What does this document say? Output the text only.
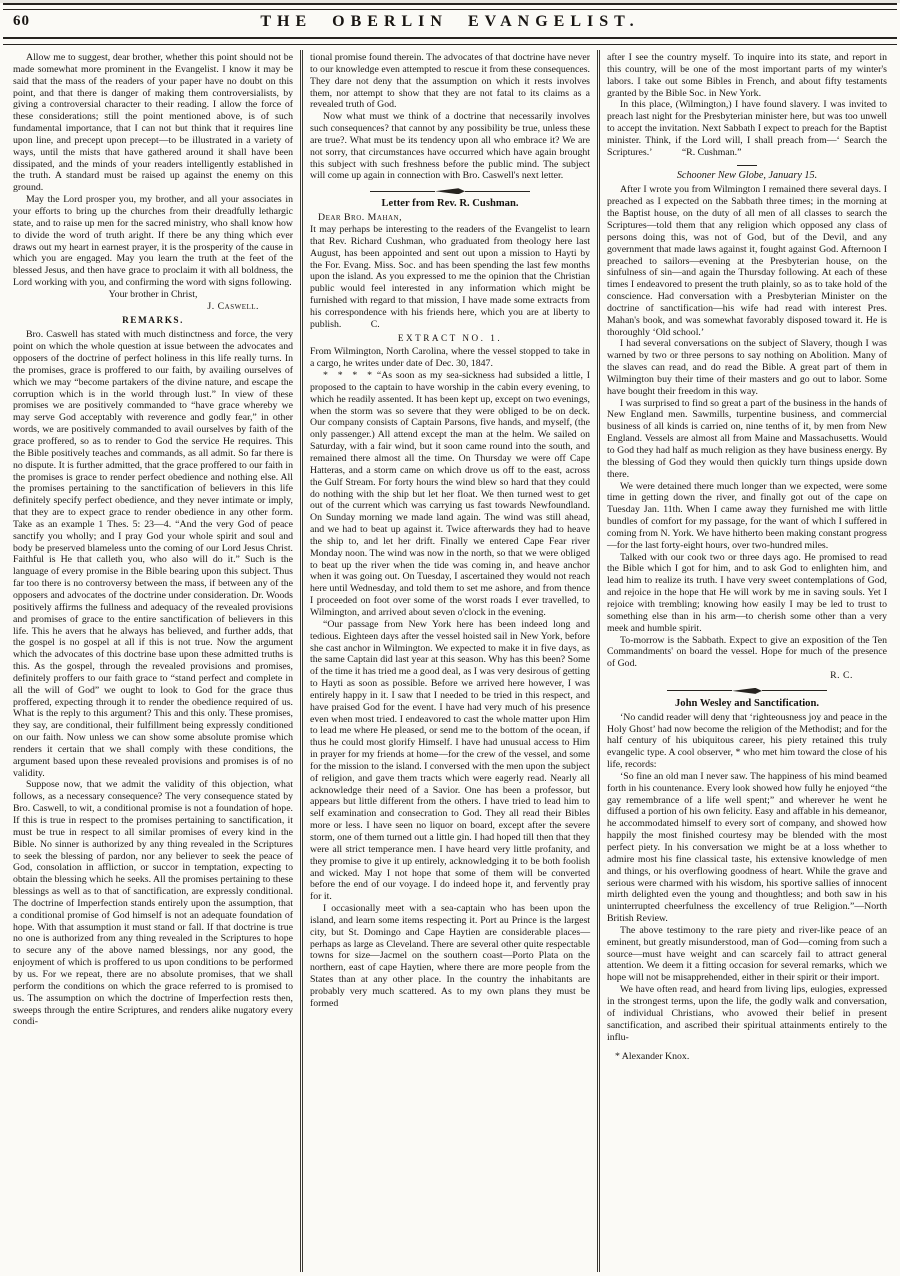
60	THE OBERLIN EVANGELIST.

Allow me to suggest, dear brother, whether this point should not be made somewhat more prominent in the Evangelist. I know it may be said that the mass of the readers of your paper have no doubt on this point, and that there is danger of making them controversialists, by giving a controversial character to their reading. I allow the force of these considerations; still the point mentioned above, is of such fundamental importance, that I can not but think that it requires line upon line, and precept upon precept—to be illustrated in a variety of ways, until the mists that have gathered around it shall have been dissipated, and the minds of your readers intelligently established in the truth. A standard must be raised up against the enemy on this ground.

May the Lord prosper you, my brother, and all your associates in your efforts to bring up the churches from their dreadfully lethargic state, and to raise up men for the sacred ministry, who shall know how to divide the word of truth aright. If there be any thing which ever draws out my heart in earnest prayer, it is the prosperity of the cause in which you are engaged. May you learn the truth at the feet of the blessed Jesus, and then have grace to proclaim it with all boldness, the Lord working with you, and confirming the word with signs following.

Your brother in Christ,

J. Caswell.

REMARKS.

Bro. Caswell has stated with much distinctness and force, the very point on which the whole question at issue between the advocates and opposers of the doctrine of perfect holiness in this life really turns. In the promises, grace is proffered to our faith, by availing ourselves of which we may “become partakers of the divine nature, and escape the corruption which is in the world through lust.” In view of these promises we are positively commanded to “have grace whereby we may serve God acceptably with reverence and godly fear,” in other words, we are positively commanded to avail ourselves by faith of the grace proffered, so as to render to God the service He requires. This the Bible positively teaches and commands, as all admit. So far there is no dispute. It is further admitted, that the grace proffered to our faith in the promises is grace to render perfect obedience and nothing else. All the promises pertaining to the sanctification of believers in this life definitely specify perfect obedience, and they never intimate or imply, that they are to expect grace to render obedience in any other form. Take as an example 1 Thes. 5: 23—4. “And the very God of peace sanctify you wholly; and I pray God your whole spirit and soul and body be preserved blameless unto the coming of our Lord Jesus Christ. Faithful is He that calleth you, who also will do it.” Such is the language of every promise in the Bible bearing upon this subject. Thus far too there is no controversy between the mass, if between any of the opposers and advocates of the doctrine under consideration. Dr. Woods positively affirms the fullness and adequacy of the revealed provisions and promises of grace to the entire sanctification of believers in this life. This he avers that he always has believed, and further adds, that the gospel is no gospel at all if this is not true. Now the argument which the advocates of this doctrine base upon these admitted truths is this. As the gospel, through the revealed provisions and promises, definitely proffers to our faith grace to “stand perfect and complete in all the will of God” we ought to look to God for the grace thus proffered, expecting through it to render the obedience required of us. What is the reply to this argument? This and this only. These promises, they say, are conditional, their fulfillment being expressly conditioned on our faith. Now unless we can show some absolute promise which renders it certain that we shall comply with these conditions, the argument based upon these revealed provisions and promises is of no validity.

Suppose now, that we admit the validity of this objection, what follows, as a necessary consequence? The very consequence stated by Bro. Caswell, to wit, a conditional promise is not a foundation of hope. If this is true in respect to the promises pertaining to sanctification, it must be true in respect to all similar promises of every kind in the Bible. No sinner is authorized by any thing revealed in the Scriptures to seek the blessing of pardon, nor any believer to seek the peace of God, consolation in affliction, or succor in temptation, expecting to obtain the blessing which he seeks. All the promises pertaining to these blessings as well as to that of sanctification, are expressly conditional. The doctrine of Imperfection stands entirely upon the assumption, that a conditional promise of God himself is not an adequate foundation of hope. With that assumption it must stand or fall. If that doctrine is true no one is authorized from any thing revealed in the Scriptures to hope to secure any of the above named blessings, nor any good, the enjoyment of which is proffered to us upon conditions to be performed by us. For we repeat, there are no absolute promises, that we shall perform the conditions on which the grace referred to is promised to us. The assumption on which the doctrine of Imperfection rests then, sweeps through the entire Scriptures, and renders alike nugatory every condi-

tional promise found therein. The advocates of that doctrine have never to our knowledge even attempted to rescue it from these consequences. They dare not deny that the assumption on which it rests involves them, nor attempt to show that they are not fatal to its claims as a revealed truth of God.

Now what must we think of a doctrine that necessarily involves such consequences? that cannot by any possibility be true, unless these are true?. What must be its tendency upon all who embrace it? We are not sorry, that circumstances have occurred which have again brought this subject with such freshness before the public mind. The subject will come up again in connection with Bro. Caswell's next letter.

Letter from Rev. R. Cushman.

Dear Bro. Mahan,

It may perhaps be interesting to the readers of the Evangelist to learn that Rev. Richard Cushman, who graduated from theology here last August, has been appointed and sent out upon a mission to Hayti by the For. Evang. Miss. Soc. and has been spending the last few months upon the island. As you expressed to me the opinion that the Christian public would feel interested in any information which might be furnished with regard to that mission, I have made some extracts from his correspondence with his friends here, which you are at liberty to publish.   C.

EXTRACT NO. 1.

From Wilmington, North Carolina, where the vessel stopped to take in a cargo, he writes under date of Dec. 30, 1847.

*  *  *  * “As soon as my sea-sickness had subsided a little, I proposed to the captain to have worship in the cabin every evening, to which he readily assented. It has been kept up, except on two evenings, when the storm was so severe that they were obliged to be on deck. Our company consists of Captain Parsons, five hands, and myself, (the only passenger.) All attend except the man at the helm. We sailed on Saturday, with a fair wind, but it soon came round into the south, and remained there almost all the time. On Thursday we were off Cape Hatteras, and a storm came on which drove us off to the east, across the Gulf Stream. For forty hours the wind blew so hard that they could do nothing with the ship but let her float. We then turned west to get out of the current which was carrying us fast towards Newfoundland. On Sunday morning we made land again. The wind was still ahead, and we had to beat up against it. Twice afterwards they had to heave the ship to, and let her drift. Finally we entered Cape Fear river Monday noon. The wind was now in the north, so that we were obliged to beat up the river when the tide was coming in, and heave anchor when it was going out. On Tuesday, I ascertained they would not reach here until Wednesday, and told them to set me ashore, and from thence I proceeded on foot over some of the worst roads I ever travelled, to Wilmington, and arrived about seven o'clock in the evening.

“Our passage from New York here has been indeed long and tedious. Eighteen days after the vessel hoisted sail in New York, before she cast anchor in Wilmington. We expected to make it in five days, as the same Captain did last year at this season. Why has this been? Some of the time it has tried me a good deal, as I was very desirous of getting to Hayti as soon as possible. Before we arrived here however, I was entirely happy in it. I saw that I needed to be tried in this respect, and have praised God for the event. I have had very much of his presence even when most tried. I endeavored to cast the whole matter upon Him to lead me where He pleased, or send me to the bottom of the ocean, if thus he could most glorify Himself. I have had unusual access to Him in prayer for my friends at home—for the crew of the vessel, and some for the mission to the island. I conversed with the men upon the subject of religion, and gave them tracts which were eagerly read. Nearly all acknowledge their need of a Savior. One has been a professor, but appears but little different from the others. I have tried to lead him to self examination and consecration to God. They all read their Bibles more or less. I have seen no liquor on board, except after the severe storm, one of them turned out a little gin. I had hoped till then that they were all strict temperance men. I have heard very little profanity, and they promise to give it up entirely, acknowledging it to be both foolish and wicked. May I not hope that some of them will be converted before the end of our voyage. I do indeed hope it, and fervently pray for it.

I occasionally meet with a sea-captain who has been upon the island, and learn some items respecting it. Port au Prince is the largest city, but St. Domingo and Cape Haytien are considerable places—perhaps as large as Cleveland. There are several other quite respectable towns for size—Jacmel on the southern coast—Porto Plata on the northern, east of cape Haytien, where there are more people from the States than at any other place. In the country the inhabitants are probably very much scattered. As to my own plans they must be formed

after I see the country myself. To inquire into its state, and report in this country, will be one of the most important parts of my winter's labors. I take out some Bibles in French, and about fifty testaments granted by the Bible Soc. in New York.

In this place, (Wilmington,) I have found slavery. I was invited to preach last night for the Presbyterian minister here, but was too unwell to accept the invitation. Next Sabbath I expect to preach for the Baptist minister. Think, if the Lord will, I shall preach from—‘ Search the Scriptures.’   “R. Cushman.”

Schooner New Globe, January 15.

After I wrote you from Wilmington I remained there several days. I preached as I expected on the Sabbath three times; in the morning at the Baptist house, on the duty of all men of all classes to search the Scriptures—told them that any religion which opposed any class of persons doing this, was not of God, but of the Devil, and any government that made laws against it, fought against God. Afternoon I preached to sailors—evening at the Presbyterian house, on the sinfulness of sin—and again the Thursday following. At each of these times I endeavored to present the truth plainly, so as to take hold of the conscience. Had conversation with a Presbyterian Minister on the doctrine of sanctification—his wife had read with interest Pres. Mahan's book, and was somewhat favorably disposed toward it. He is thoroughly ‘Old school.’

I had several conversations on the subject of Slavery, though I was warned by two or three persons to say nothing on Abolition. Many of the slaves can read, and do read the Bible. A great part of them in Wilmington buy their time of their masters and go out to labor. Some have bought their freedom in this way.

I was surprised to find so great a part of the business in the hands of New England men. Sawmills, turpentine business, and commercial business of all kinds is carried on, nine tenths of it, by men from New England. Vessels are almost all from Maine and Massachusetts. Would to God they had half as much religion as they have business energy. By the blessing of God they would then quickly turn things upside down there.

We were detained there much longer than we expected, were some time in getting down the river, and finally got out of the cape on Tuesday Jan. 11th. When I came away they furnished me with little bundles of comfort for my passage, for the want of which I suffered in coming from N. York. We have hitherto been making constant progress—for the last forty-eight hours, over two-hundred miles.

Talked with our cook two or three days ago. He promised to read the Bible which I got for him, and to ask God to enlighten him, and lead him to realize its truth. I have very sweet contemplations of God, and rejoice in the hope that He will work by me in saving souls. Yet I rejoice with trembling; knowing how easily I may be led to trust to something else than in his arm—to cherish some other than a very meek and humble spirit.

To-morrow is the Sabbath. Expect to give an exposition of the Ten Commandments' on board the vessel. Hope for much of the presence of God.

R. C.

John Wesley and Sanctification.

‘No candid reader will deny that ‘righteousness joy and peace in the Holy Ghost’ had now become the religion of the Methodist; and for the half century of his ubiquitous career, his piety retained this truly evangelic type. A cool observer, * who met him toward the close of his life, records:

‘So fine an old man I never saw. The happiness of his mind beamed forth in his countenance. Every look showed how fully he enjoyed “the gay remembrance of a life well spent;” and wherever he went he diffused a portion of his own felicity. Easy and affable in his demeanor, he accommodated himself to every sort of company, and showed how happily the most finished courtesy may be blended with the most perfect piety. In his conversation we might be at a loss whether to admire most his fine classical taste, his extensive knowledge of men and things, or his overflowing goodness of heart. While the grave and serious were charmed with his wisdom, his sportive sallies of innocent mirth delighted even the young and thoughtless; and both saw in his uninterrupted cheerfulness the excellency of true Religion.”—North British Review.

The above testimony to the rare piety and river-like peace of an eminent, but greatly misunderstood, man of God—coming from such a source—must have weight and can scarcely fail to attract general attention. We deem it a fitting occasion for several remarks, which we hope will not be misapprehended, either in their spirit or their import.

We have often read, and heard from living lips, eulogies, expressed in the strongest terms, upon the life, the godly walk and conversation, of individual Christians, who avowed their belief in present sanctification, and ascribed their spiritual attainments entirely to the influ-

* Alexander Knox.
